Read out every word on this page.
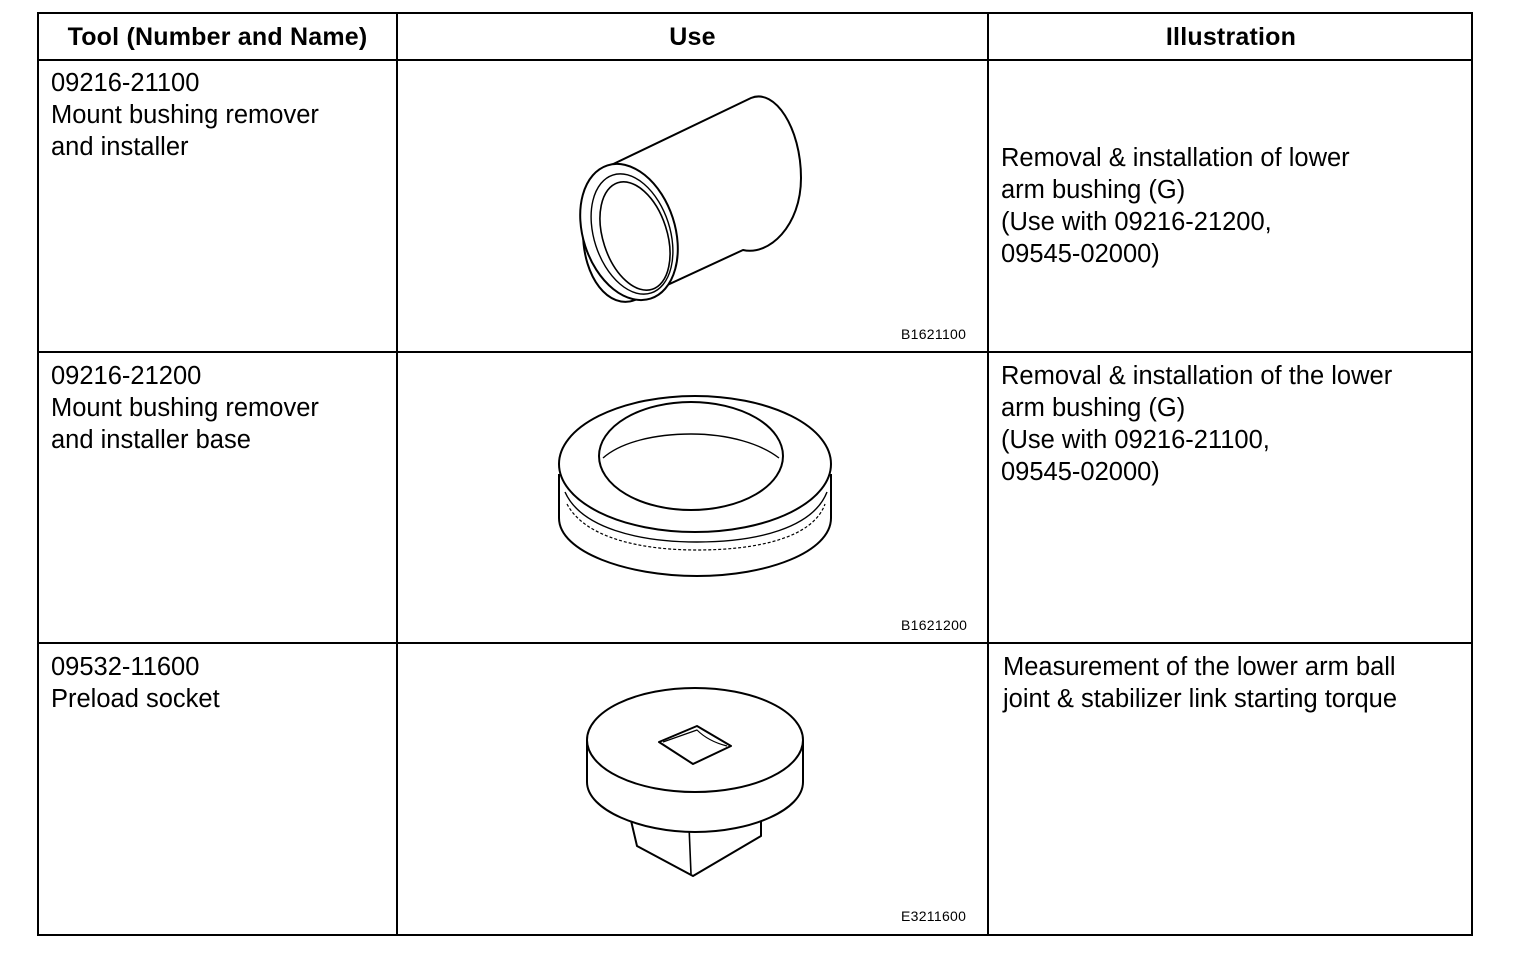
Tool (Number and Name)	Use	Illustration
09216-21100
Mount bushing remover
and installer
B1621100
Removal & installation of lower
arm bushing (G)
(Use with 09216-21200,
09545-02000)
09216-21200
Mount bushing remover
and installer base
B1621200
Removal & installation of the lower
arm bushing (G)
(Use with 09216-21100,
09545-02000)
09532-11600
Preload socket
E3211600
Measurement of the lower arm ball
joint & stabilizer link starting torque
